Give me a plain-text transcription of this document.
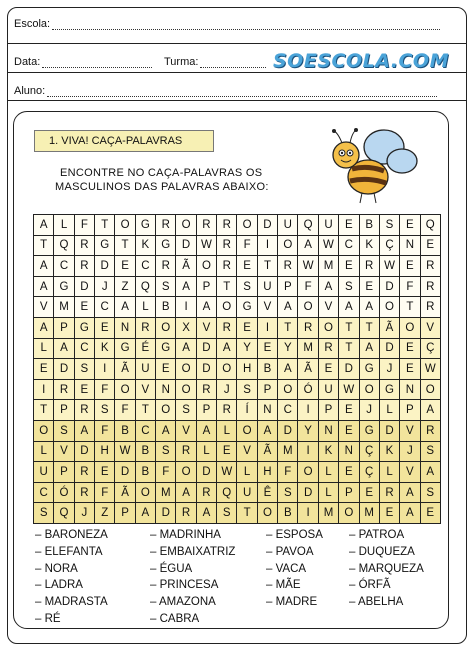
Escola:
Data:	Turma:	SOESCOLA.COM
Aluno:
1. VIVA! CAÇA-PALAVRAS
ENCONTRE NO CAÇA-PALAVRAS OS
MASCULINOS DAS PALAVRAS ABAIXO:
A	L	F	T	O	G	R	O	R	R	O	D	U	Q	U	E	B	S	E	Q
T	Q	R	G	T	K	G	D	W	R	F	I	O	A	W	C	K	Ç	N	E
A	C	R	D	E	C	R	Ã	O	R	E	T	R	W	M	E	R	W	E	R
A	G	D	J	Z	Q	S	A	P	T	S	U	P	F	A	S	E	D	F	R
V	M	E	C	A	L	B	I	A	O	G	V	A	O	V	A	A	O	T	R
A	P	G	E	N	R	O	X	V	R	E	I	T	R	O	T	T	Ã	O	V
L	A	C	K	G	É	G	A	D	A	Y	E	Y	M	R	T	A	D	E	Ç
E	D	S	I	Ã	U	E	O	D	O	H	B	A	Ã	E	D	G	J	E	W
I	R	E	F	O	V	N	O	R	J	S	P	O	Ó	U	W	O	G	N	O
T	P	R	S	F	T	O	S	P	R	Í	N	C	I	P	E	J	L	P	A
O	S	A	F	B	C	A	V	A	L	O	A	D	Y	N	E	G	D	V	R
L	V	D	H	W	B	S	R	L	E	V	Ã	M	I	K	N	Ç	K	J	S
U	P	R	E	D	B	F	O	D	W	L	H	F	O	L	E	Ç	L	V	A
C	Ó	R	F	Ã	O	M	A	R	Q	U	Ê	S	D	L	P	E	R	A	S
S	Q	J	Z	P	A	D	R	A	S	T	O	B	I	M	O	M	E	A	E
– BARONEZA
– ELEFANTA
– NORA
– LADRA
– MADRASTA
– RÉ
– MADRINHA
– EMBAIXATRIZ
– ÉGUA
– PRINCESA
– AMAZONA
– CABRA
– ESPOSA
– PAVOA
– VACA
– MÃE
– MADRE
– PATROA
– DUQUEZA
– MARQUEZA
– ÓRFÃ
– ABELHA
